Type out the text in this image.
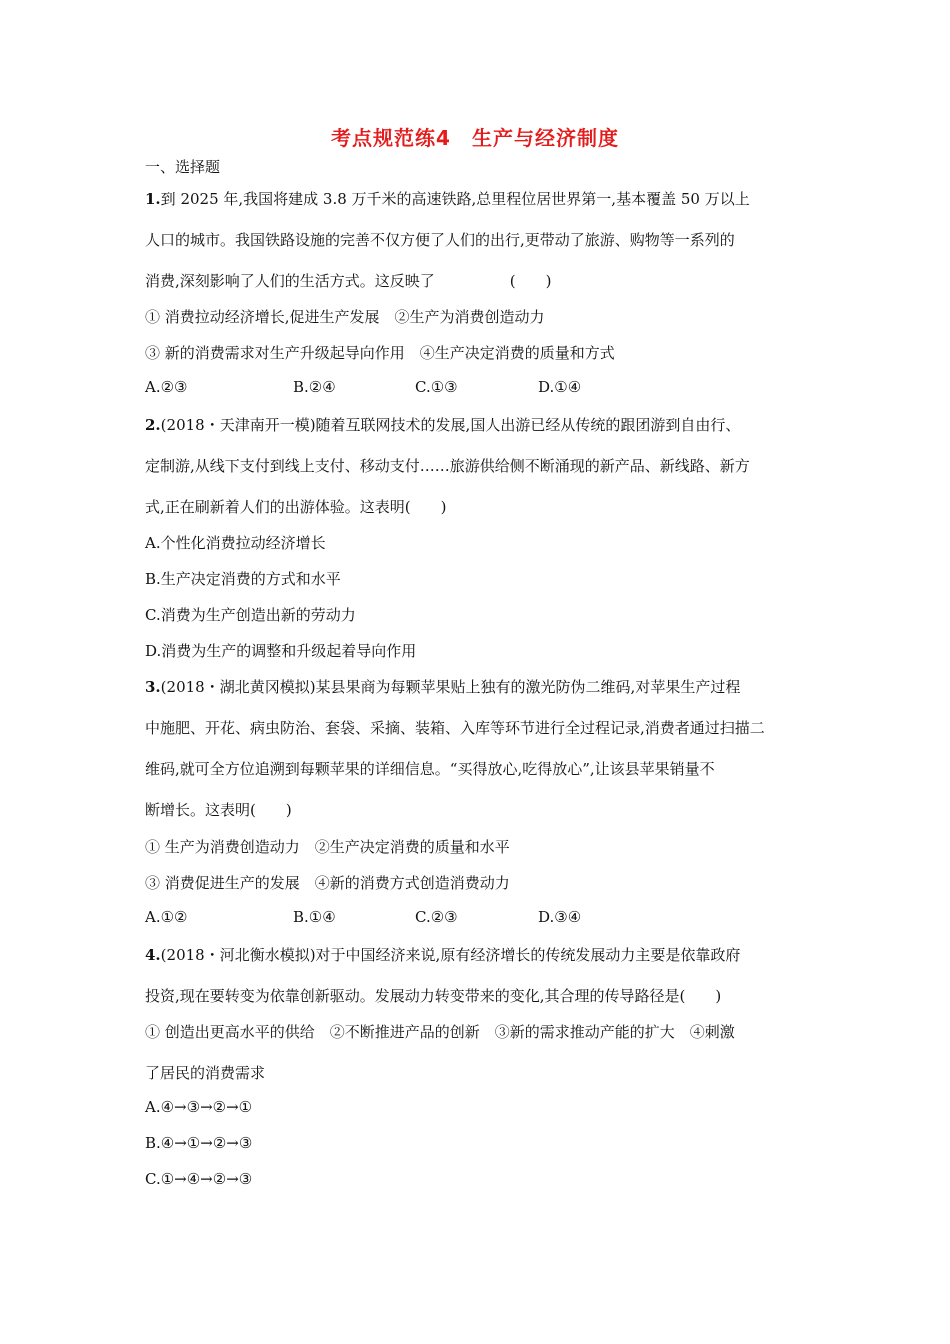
考点规范练4　生产与经济制度
一、选择题
1.到 2025 年,我国将建成 3.8 万千米的高速铁路,总里程位居世界第一,基本覆盖 50 万以上
人口的城市。我国铁路设施的完善不仅方便了人们的出行,更带动了旅游、购物等一系列的
消费,深刻影响了人们的生活方式。这反映了　　　　　(　　)
① 消费拉动经济增长,促进生产发展　②生产为消费创造动力
③ 新的消费需求对生产升级起导向作用　④生产决定消费的质量和方式
A.②③	B.②④	C.①③	D.①④
2.(2018・天津南开一模)随着互联网技术的发展,国人出游已经从传统的跟团游到自由行、
定制游,从线下支付到线上支付、移动支付……旅游供给侧不断涌现的新产品、新线路、新方
式,正在刷新着人们的出游体验。这表明(　　)
A.个性化消费拉动经济增长
B.生产决定消费的方式和水平
C.消费为生产创造出新的劳动力
D.消费为生产的调整和升级起着导向作用
3.(2018・湖北黄冈模拟)某县果商为每颗苹果贴上独有的激光防伪二维码,对苹果生产过程
中施肥、开花、病虫防治、套袋、采摘、装箱、入库等环节进行全过程记录,消费者通过扫描二
维码,就可全方位追溯到每颗苹果的详细信息。“买得放心,吃得放心”,让该县苹果销量不
断增长。这表明(　　)
① 生产为消费创造动力　②生产决定消费的质量和水平
③ 消费促进生产的发展　④新的消费方式创造消费动力
A.①②	B.①④	C.②③	D.③④
4.(2018・河北衡水模拟)对于中国经济来说,原有经济增长的传统发展动力主要是依靠政府
投资,现在要转变为依靠创新驱动。发展动力转变带来的变化,其合理的传导路径是(　　)
① 创造出更高水平的供给　②不断推进产品的创新　③新的需求推动产能的扩大　④刺激
了居民的消费需求
A.④→③→②→①
B.④→①→②→③
C.①→④→②→③
